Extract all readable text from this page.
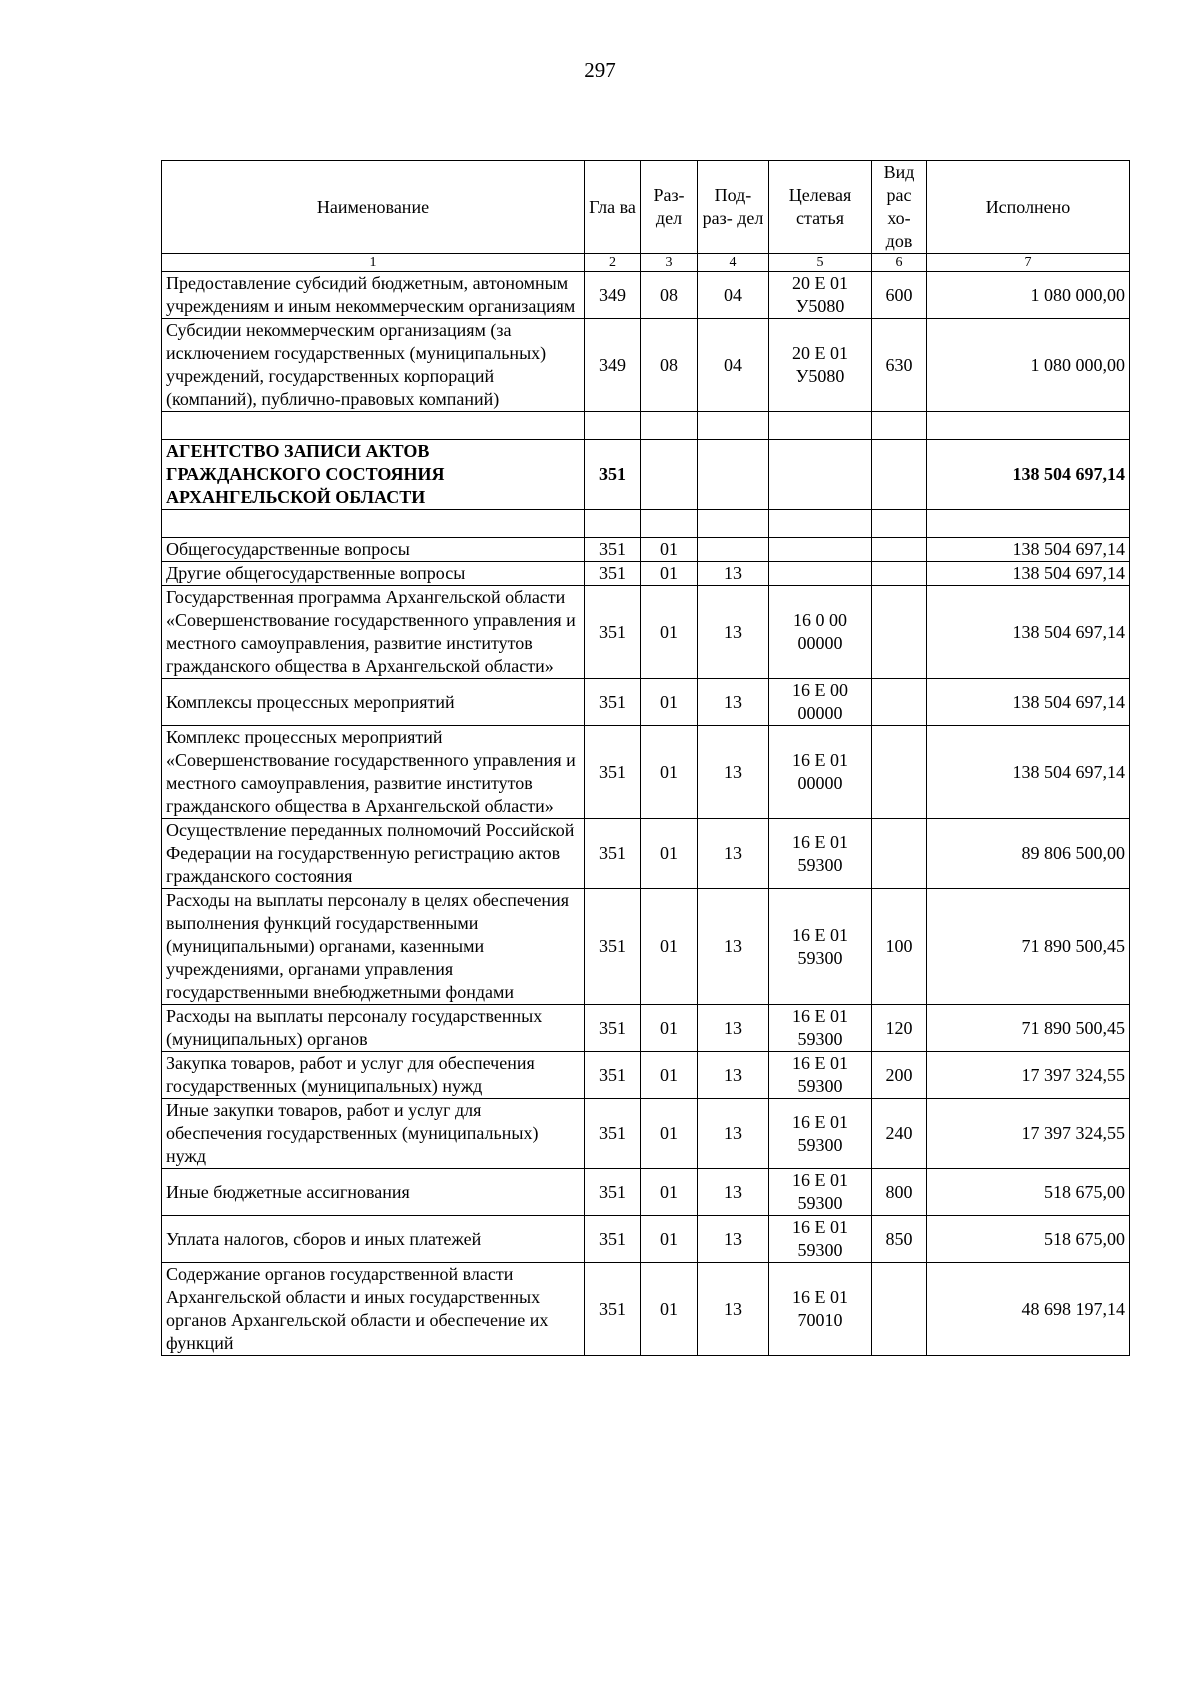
297
Наименование	Гла ва	Раз- дел	Под- раз- дел	Целевая статья	Вид рас хо- дов	Исполнено
1	2	3	4	5	6	7
Предоставление субсидий бюджетным, автономным учреждениям и иным некоммерческим организациям	349	08	04	20 E 01 У5080	600	1 080 000,00
Субсидии некоммерческим организациям (за исключением государственных (муниципальных) учреждений, государственных корпораций (компаний), публично-правовых компаний)	349	08	04	20 E 01 У5080	630	1 080 000,00

АГЕНТСТВО ЗАПИСИ АКТОВ ГРАЖДАНСКОГО СОСТОЯНИЯ АРХАНГЕЛЬСКОЙ ОБЛАСТИ	351					138 504 697,14

Общегосударственные вопросы	351	01				138 504 697,14
Другие общегосударственные вопросы	351	01	13			138 504 697,14
Государственная программа Архангельской области «Совершенствование государственного управления и местного самоуправления, развитие институтов гражданского общества в Архангельской области»	351	01	13	16 0 00 00000		138 504 697,14
Комплексы процессных мероприятий	351	01	13	16 Е 00 00000		138 504 697,14
Комплекс процессных мероприятий «Совершенствование государственного управления и местного самоуправления, развитие институтов гражданского общества в Архангельской области»	351	01	13	16 Е 01 00000		138 504 697,14
Осуществление переданных полномочий Российской Федерации на государственную регистрацию актов гражданского состояния	351	01	13	16 Е 01 59300		89 806 500,00
Расходы на выплаты персоналу в целях обеспечения выполнения функций государственными (муниципальными) органами, казенными учреждениями, органами управления государственными внебюджетными фондами	351	01	13	16 Е 01 59300	100	71 890 500,45
Расходы на выплаты персоналу государственных (муниципальных) органов	351	01	13	16 Е 01 59300	120	71 890 500,45
Закупка товаров, работ и услуг для обеспечения государственных (муниципальных) нужд	351	01	13	16 Е 01 59300	200	17 397 324,55
Иные закупки товаров, работ и услуг для обеспечения государственных (муниципальных) нужд	351	01	13	16 Е 01 59300	240	17 397 324,55
Иные бюджетные ассигнования	351	01	13	16 Е 01 59300	800	518 675,00
Уплата налогов, сборов и иных платежей	351	01	13	16 Е 01 59300	850	518 675,00
Содержание органов государственной власти Архангельской области и иных государственных органов Архангельской области и обеспечение их функций	351	01	13	16 Е 01 70010		48 698 197,14
